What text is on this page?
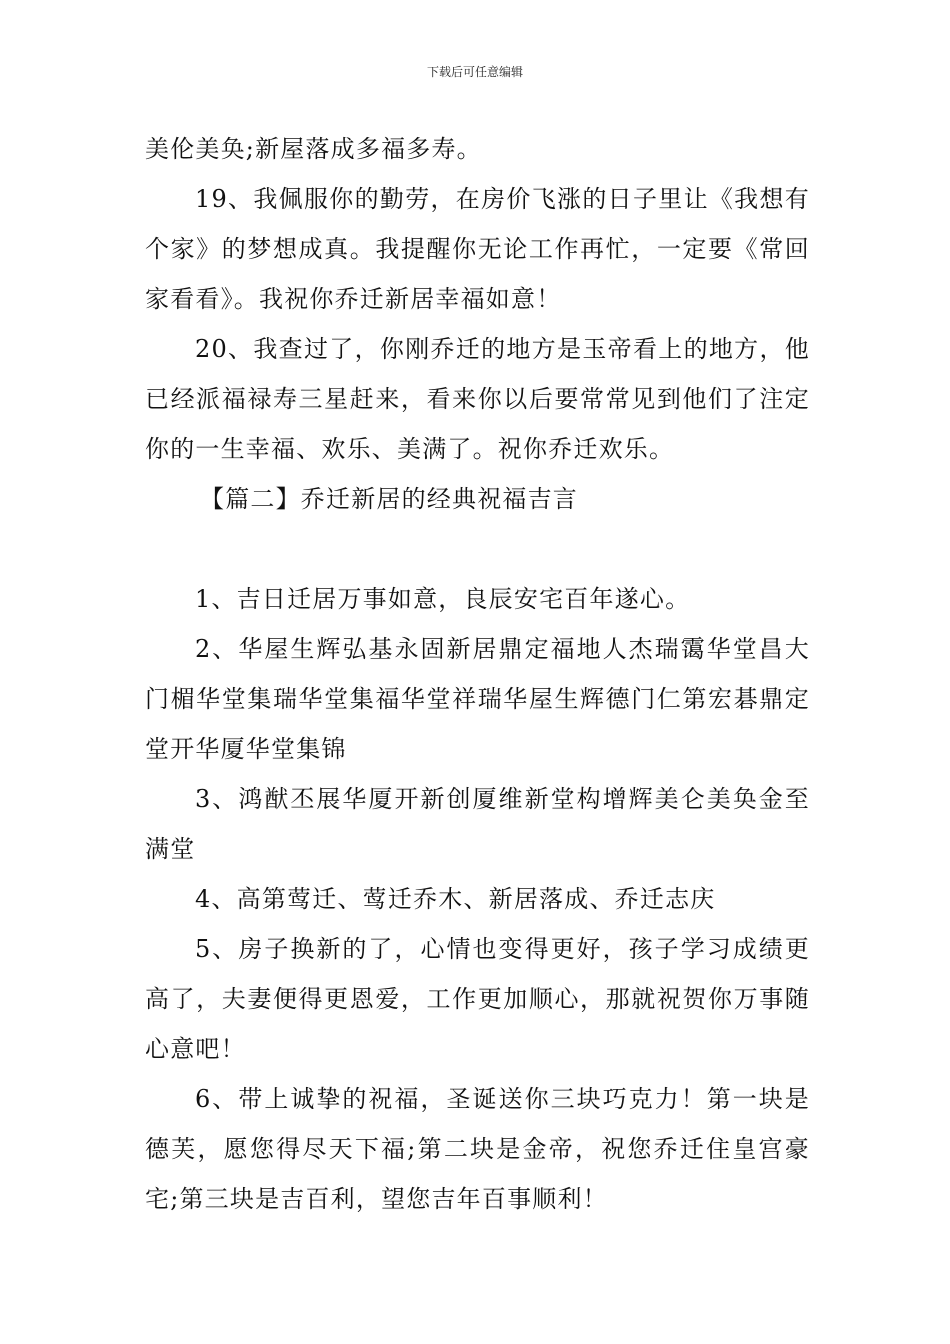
下载后可任意编辑

美伦美奂;新屋落成多福多寿。

19、我佩服你的勤劳，在房价飞涨的日子里让《我想有个家》的梦想成真。我提醒你无论工作再忙，一定要《常回家看看》。我祝你乔迁新居幸福如意！

20、我查过了，你刚乔迁的地方是玉帝看上的地方，他已经派福禄寿三星赶来，看来你以后要常常见到他们了注定你的一生幸福、欢乐、美满了。祝你乔迁欢乐。

【篇二】乔迁新居的经典祝福吉言

1、吉日迁居万事如意，良辰安宅百年遂心。

2、华屋生辉弘基永固新居鼎定福地人杰瑞霭华堂昌大门楣华堂集瑞华堂集福华堂祥瑞华屋生辉德门仁第宏碁鼎定堂开华厦华堂集锦

3、鸿猷丕展华厦开新创厦维新堂构增辉美仑美奂金至满堂

4、高第莺迁、莺迁乔木、新居落成、乔迁志庆

5、房子换新的了，心情也变得更好，孩子学习成绩更高了，夫妻便得更恩爱，工作更加顺心，那就祝贺你万事随心意吧！

6、带上诚挚的祝福，圣诞送你三块巧克力！第一块是德芙，愿您得尽天下福;第二块是金帝，祝您乔迁住皇宫豪宅;第三块是吉百利，望您吉年百事顺利！
